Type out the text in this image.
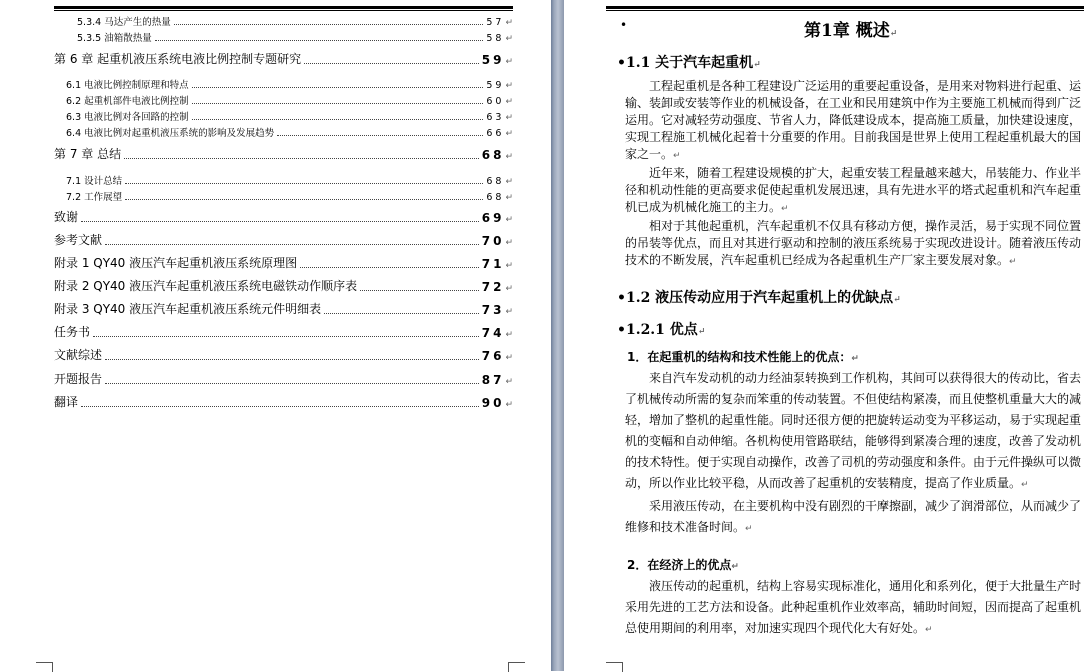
5.3.4 马达产生的热量	57 ↵
5.3.5 油箱散热量	58 ↵
第 6 章 起重机液压系统电液比例控制专题研究	59 ↵
6.1 电液比例控制原理和特点	59 ↵
6.2 起重机部件电液比例控制	60 ↵
6.3 电液比例对各回路的控制	63 ↵
6.4 电液比例对起重机液压系统的影响及发展趋势	66 ↵
第 7 章 总结	68 ↵
7.1 设计总结	68 ↵
7.2 工作展望	68 ↵
致谢	69 ↵
参考文献	70 ↵
附录 1 QY40 液压汽车起重机液压系统原理图	71 ↵
附录 2 QY40 液压汽车起重机液压系统电磁铁动作顺序表	72 ↵
附录 3 QY40 液压汽车起重机液压系统元件明细表	73 ↵
任务书	74 ↵
文献综述	76 ↵
开题报告	87 ↵
翻译	90 ↵
•	第1章 概述↵
•1.1 关于汽车起重机↵

工程起重机是各种工程建设广泛运用的重要起重设备，是用来对物料进行起重、运输、装卸或安装等作业的机械设备，在工业和民用建筑中作为主要施工机械而得到广泛运用。它对减轻劳动强度、节省人力，降低建设成本，提高施工质量，加快建设速度，实现工程施工机械化起着十分重要的作用。目前我国是世界上使用工程起重机最大的国家之一。↵

近年来，随着工程建设规模的扩大，起重安装工程量越来越大，吊装能力、作业半径和机动性能的更高要求促使起重机发展迅速，具有先进水平的塔式起重机和汽车起重机已成为机械化施工的主力。↵

相对于其他起重机，汽车起重机不仅具有移动方便，操作灵活，易于实现不同位置的吊装等优点，而且对其进行驱动和控制的液压系统易于实现改进设计。随着液压传动技术的不断发展，汽车起重机已经成为各起重机生产厂家主要发展对象。↵

•1.2 液压传动应用于汽车起重机上的优缺点↵
•1.2.1 优点↵
1．在起重机的结构和技术性能上的优点：↵

来自汽车发动机的动力经油泵转换到工作机构，其间可以获得很大的传动比，省去了机械传动所需的复杂而笨重的传动装置。不但使结构紧凑，而且使整机重量大大的减轻，增加了整机的起重性能。同时还很方便的把旋转运动变为平移运动，易于实现起重机的变幅和自动伸缩。各机构使用管路联结，能够得到紧凑合理的速度，改善了发动机的技术特性。便于实现自动操作，改善了司机的劳动强度和条件。由于元件操纵可以微动，所以作业比较平稳，从而改善了起重机的安装精度，提高了作业质量。↵

采用液压传动，在主要机构中没有剧烈的干摩擦副，减少了润滑部位，从而减少了维修和技术准备时间。↵

2．在经济上的优点↵

液压传动的起重机，结构上容易实现标准化，通用化和系列化，便于大批量生产时采用先进的工艺方法和设备。此种起重机作业效率高，辅助时间短，因而提高了起重机总使用期间的利用率，对加速实现四个现代化大有好处。↵
